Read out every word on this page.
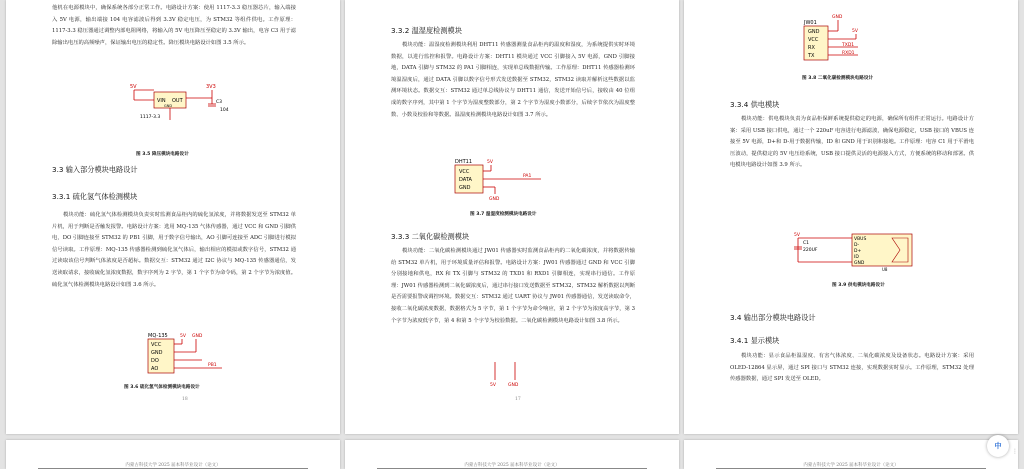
他机在电源模块中，确保系统各部分正常工作。电路设计方案：使用 1117-3.3 稳压器芯片，输入端接入 5V 电源，输出端接 104 电容滤波后得到 3.3V 稳定电压，为 STM32 等组件供电。工作原理：1117-3.3 稳压器通过调整内部电阻网络，将输入的 5V 电压降压至稳定的 3.3V 输出，电容 C3 用于滤除输出电压的高频噪声，保证输出电压的稳定性。降压模块电路设计如图 3.5 所示。

5V
VIN OUT
GND
3V3
C3
104
1117-3.3
图 3.5 降压模块电路设计

3.3 输入部分模块电路设计

3.3.1 硫化氢气体检测模块

模块功能：硫化氢气体检测模块负责实时监测食品柜内的硫化氢浓度，并将数据发送至 STM32 单片机，用于判断是否触发报警。电路设计方案：选用 MQ-135 气体传感器，通过 VCC 和 GND 引脚供电，DO 引脚连接至 STM32 的 PB1 引脚，用于数字信号输出，AO 引脚可连接至 ADC 引脚进行模拟信号读取。工作原理：MQ-135 传感器检测到硫化氢气体后，输出相应的模拟或数字信号，STM32 通过读取该信号判断气体浓度是否超标。数据交互：STM32 通过 I2C 协议与 MQ-135 传感器通信，发送读取请求，接收硫化氢浓度数据，数字序列为 2 字节，第 1 个字节为命令码，第 2 个字节为浓度值。硫化氢气体检测模块电路设计如图 3.6 所示。

MQ-135
VCC
GND
DO
AO
5V GND
PB1
图 3.6 硫化氢气体检测模块电路设计
18

3.3.2 温湿度检测模块

模块功能：温湿度检测模块利用 DHT11 传感器测量食品柜内的温度和湿度，为系统提供实时环境数据，以进行监控和报警。电路设计方案：DHT11 模块通过 VCC 引脚接入 5V 电源，GND 引脚接地，DATA 引脚与 STM32 的 PA1 引脚相连，实现单总线数据传输。工作原理：DHT11 传感器检测环境温湿度后，通过 DATA 引脚以数字信号形式发送数据至 STM32，STM32 读取并解析这些数据以监测环境状态。数据交互：STM32 通过单总线协议与 DHT11 通信，发送开始信号后，接收由 40 位组成的数字序列，其中第 1 个字节为湿度整数部分，第 2 个字节为湿度小数部分，后续字节依次为温度整数、小数及校验和等数据。温湿度检测模块电路设计如图 3.7 所示。

DHT11
VCC
DATA
GND
5V
PA1
GND
图 3.7 温湿度检测模块电路设计

3.3.3 二氧化碳检测模块

模块功能：二氧化碳检测模块通过 JW01 传感器实时监测食品柜内的二氧化碳浓度，并将数据传输给 STM32 单片机，用于环境质量评估和报警。电路设计方案：JW01 传感器通过 GND 和 VCC 引脚分别接地和供电，RX 和 TX 引脚与 STM32 的 TXD1 和 RXD1 引脚相连，实现串行通信。工作原理：JW01 传感器检测到二氧化碳浓度后，通过串行接口发送数据至 STM32，STM32 解析数据以判断是否需要报警或调控环境。数据交互：STM32 通过 UART 协议与 JW01 传感器通信，发送读取命令，接收二氧化碳浓度数据，数据格式为 5 字节，第 1 个字节为命令响应，第 2 个字节为浓度高字节，第 3 个字节为浓度低字节，第 4 和第 5 个字节为校验数据。二氧化碳检测模块电路设计如图 3.8 所示。

5V	GND
17
JW01
GND
VCC
RX
TX
GND
5V
TXD1
RXD1
图 3.8 二氧化碳检测模块电路设计

3.3.4 供电模块

模块功能：供电模块负责为食品柜保鲜系统提供稳定的电源，确保所有组件正常运行。电路设计方案：采用 USB 接口供电，通过一个 220uF 电容进行电源滤波，确保电源稳定，USB 接口的 VBUS 连接至 5V 电源，D+和 D-用于数据传输，ID 和 GND 用于识别和接地。工作原理：电容 C1 用于平滑电压波动，提供稳定的 5V 电压给系统，USB 接口提供灵活的电源接入方式，方便系统的移动和部署。供电模块电路设计如图 3.9 所示。

5V
C1
220UF
VBUS
D-
D+
ID
GND
U8
图 3.9 供电模块电路设计

3.4 输出部分模块电路设计

3.4.1 显示模块

模块功能：显示食品柜温湿度、有害气体浓度、二氧化碳浓度及设备状态。电路设计方案：采用 OLED-12864 显示屏，通过 SPI 接口与 STM32 连接，实现数据实时显示。工作原理，STM32 处理传感器数据，通过 SPI 发送至 OLED。

内蒙古科技大学 2025 届本科毕业设计（论文）	内蒙古科技大学 2025 届本科毕业设计（论文）	内蒙古科技大学 2025 届本科毕业设计（论文）
中
⋮
